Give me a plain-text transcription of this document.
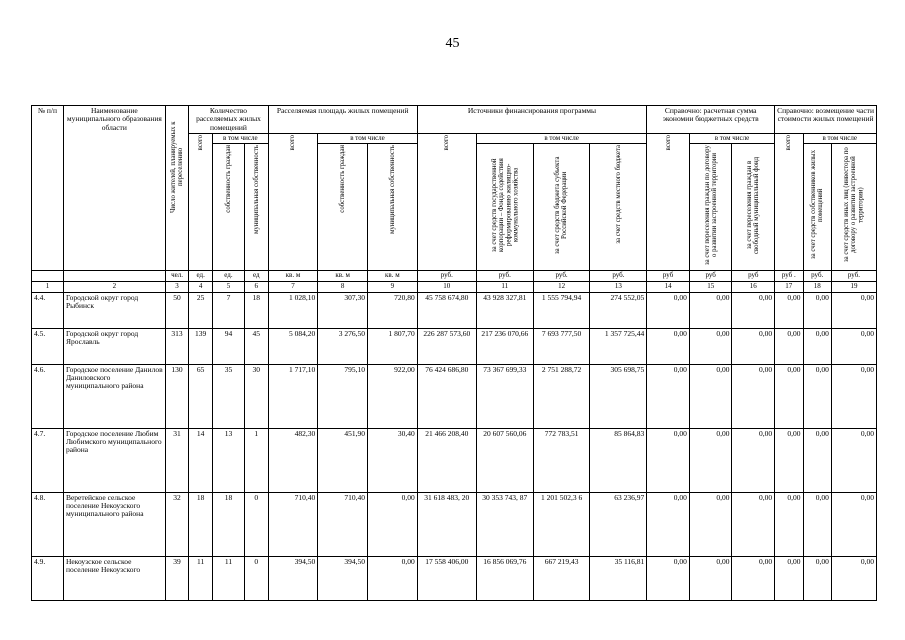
45
№ п/п	Наименование муниципального образования области	Число жителей, планируемых к переселению	Количество расселяемых жилых помещений			Расселяемая площадь жилых помещений			Источники финансирования программы				Справочно: расчетная сумма экономии бюджетных средств			Справочно: возмещение части стоимости жилых помещений		
			всего	в том числе		всего	в том числе		всего	в том числе			всего	в том числе		всего	в том числе	
				собственность граждан	муниципальная собственность		собственность граждан	муниципальная собственность		за счет средств государственной корпорации – Фонда содействия реформированию жилищно-коммунального хозяйства	за счет средств бюджета субъекта Российской Федерации	за счет средств местного бюджета		за счет переселения граждан по договору о развитии застроенной территории	за счет переселения граждан в свободный муниципальный фонд		за счет средств собственников жилых помещений	за счет средств иных лиц (инвестора по договору о развитии застроенной территории)
		чел.	ед.	ед.	ед	кв. м	кв. м	кв. м	руб.	руб.	руб.	руб.	руб	руб	руб	руб .	руб.	руб.
1	2	3	4	5	6	7	8	9	10	11	12	13	14	15	16	17	18	19
4.4.	Городской округ город Рыбинск	50	25	7	18	1 028,10	307,30	720,80	45 758 674,80	43 928 327,81	1 555 794,94	274 552,05	0,00	0,00	0,00	0,00	0,00	0,00
4.5.	Городской округ город Ярославль	313	139	94	45	5 084,20	3 276,50	1 807,70	226 287 573,60	217 236 070,66	7 693 777,50	1 357 725,44	0,00	0,00	0,00	0,00	0,00	0,00
4.6.	Городское поселение Данилов Даниловского муниципального района	130	65	35	30	1 717,10	795,10	922,00	76 424 686,80	73 367 699,33	2 751 288,72	305 698,75	0,00	0,00	0,00	0,00	0,00	0,00
4.7.	Городское поселение Любим Любимского муниципального района	31	14	13	1	482,30	451,90	30,40	21 466 208,40	20 607 560,06	772 783,51	85 864,83	0,00	0,00	0,00	0,00	0,00	0,00
4.8.	Веретейское сельское поселение Некоузского муниципального района	32	18	18	0	710,40	710,40	0,00	31 618 483, 20	30 353 743, 87	1 201 502,3 6	63 236,97	0,00	0,00	0,00	0,00	0,00	0,00
4.9.	Некоузское сельское поселение Некоузского	39	11	11	0	394,50	394,50	0,00	17 558 406,00	16 856 069,76	667 219,43	35 116,81	0,00	0,00	0,00	0,00	0,00	0,00
